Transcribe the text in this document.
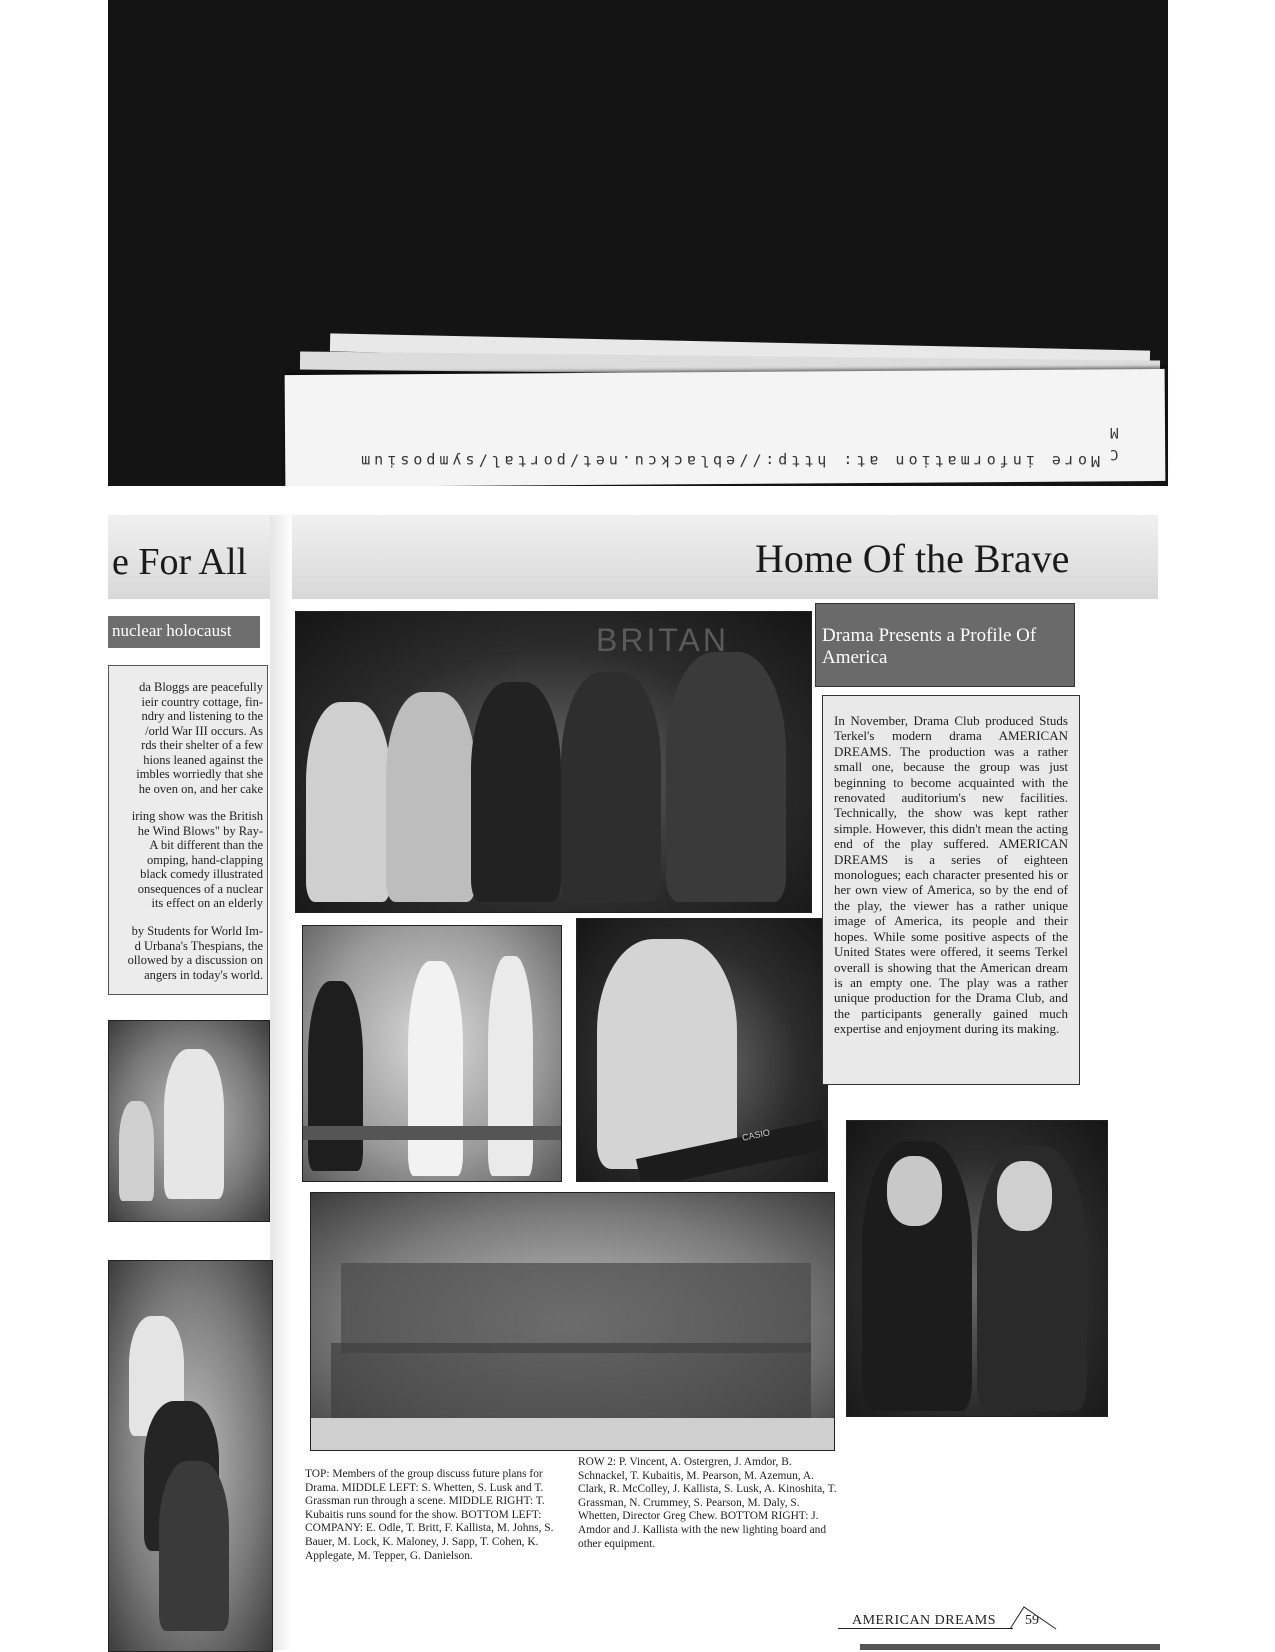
More information at: http://eblackcu.net/portal/symposium
M
C
e For All	Home Of the Brave
nuclear holocaust
da Bloggs are peacefully
ieir country cottage, fin-
ndry and listening to the
/orld War III occurs. As
rds their shelter of a few
hions leaned against the
imbles worriedly that she
he oven on, and her cake
iring show was the British
he Wind Blows" by Ray-
A bit different than the
omping, hand-clapping
black comedy illustrated
onsequences of a nuclear
its effect on an elderly
by Students for World Im-
d Urbana's Thespians, the
ollowed by a discussion on
angers in today's world.
BRITAN
CASIO
Drama Presents a Profile Of America
In November, Drama Club produced Studs Terkel's modern drama AMERICAN DREAMS. The production was a rather small one, because the group was just beginning to become acquainted with the renovated auditorium's new facilities. Technically, the show was kept rather simple. However, this didn't mean the acting end of the play suffered. AMERICAN DREAMS is a series of eighteen monologues; each character presented his or her own view of America, so by the end of the play, the viewer has a rather unique image of America, its people and their hopes. While some positive aspects of the United States were offered, it seems Terkel overall is showing that the American dream is an empty one. The play was a rather unique production for the Drama Club, and the participants generally gained much expertise and enjoyment during its making.
TOP: Members of the group discuss future plans for Drama. MIDDLE LEFT: S. Whetten, S. Lusk and T. Grassman run through a scene. MIDDLE RIGHT: T. Kubaitis runs sound for the show. BOTTOM LEFT: COMPANY: E. Odle, T. Britt, F. Kallista, M. Johns, S. Bauer, M. Lock, K. Maloney, J. Sapp, T. Cohen, K. Applegate, M. Tepper, G. Danielson.
ROW 2: P. Vincent, A. Ostergren, J. Amdor, B. Schnackel, T. Kubaitis, M. Pearson, M. Azemun, A. Clark, R. McColley, J. Kallista, S. Lusk, A. Kinoshita, T. Grassman, N. Crummey, S. Pearson, M. Daly, S. Whetten, Director Greg Chew. BOTTOM RIGHT: J. Amdor and J. Kallista with the new lighting board and other equipment.
AMERICAN DREAMS 59
